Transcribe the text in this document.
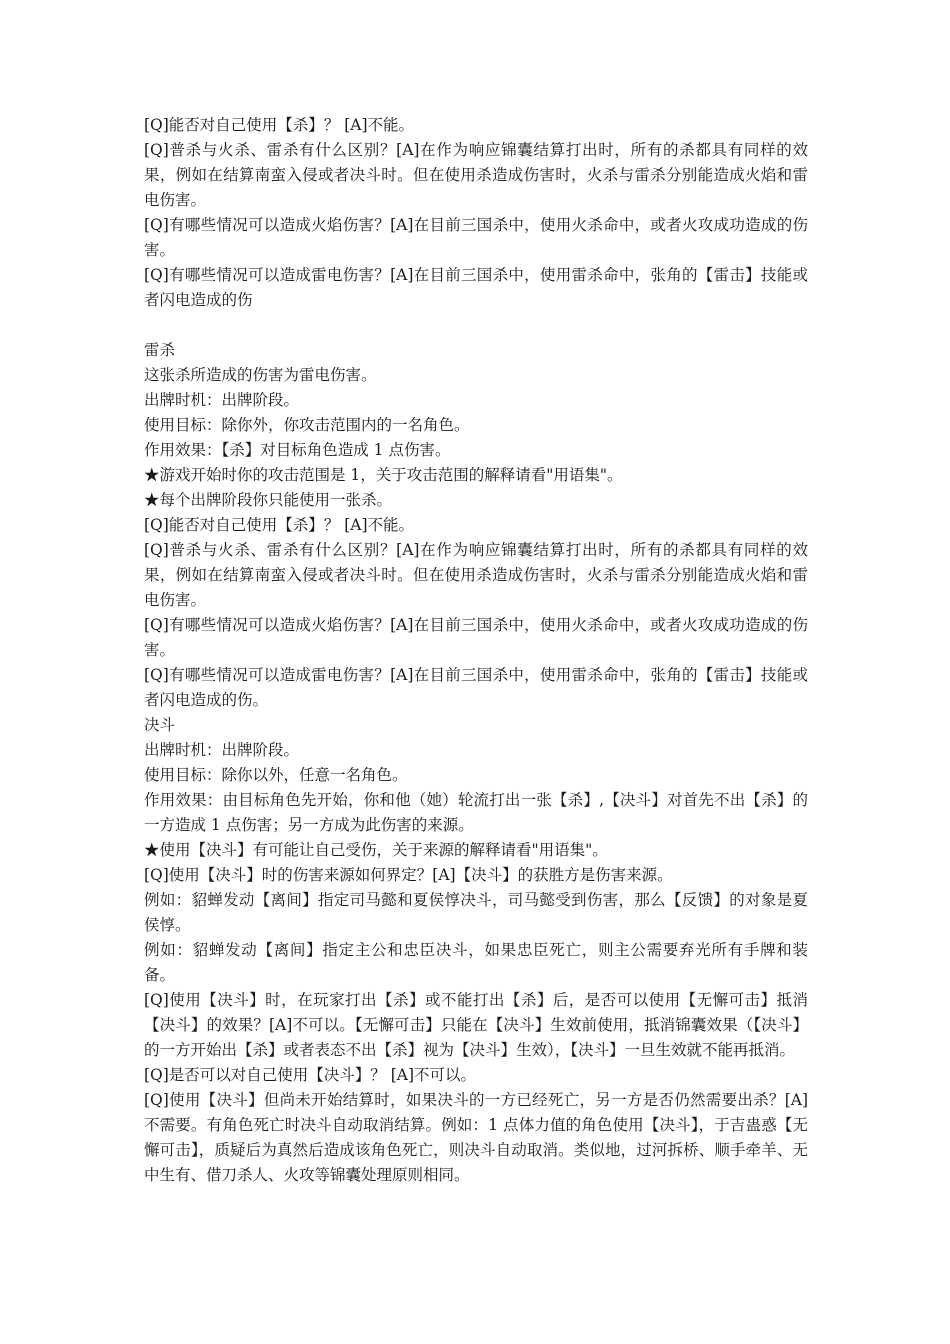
[Q]能否对自己使用【杀】？ [A]不能。

[Q]普杀与火杀、雷杀有什么区别？[A]在作为响应锦囊结算打出时，所有的杀都具有同样的效果，例如在结算南蛮入侵或者决斗时。但在使用杀造成伤害时，火杀与雷杀分别能造成火焰和雷电伤害。

[Q]有哪些情况可以造成火焰伤害？[A]在目前三国杀中，使用火杀命中，或者火攻成功造成的伤害。

[Q]有哪些情况可以造成雷电伤害？[A]在目前三国杀中，使用雷杀命中，张角的【雷击】技能或者闪电造成的伤

雷杀

这张杀所造成的伤害为雷电伤害。

出牌时机：出牌阶段。

使用目标：除你外，你攻击范围内的一名角色。

作用效果：【杀】对目标角色造成 1 点伤害。

★游戏开始时你的攻击范围是 1，关于攻击范围的解释请看"用语集"。

★每个出牌阶段你只能使用一张杀。

[Q]能否对自己使用【杀】？ [A]不能。

[Q]普杀与火杀、雷杀有什么区别？[A]在作为响应锦囊结算打出时，所有的杀都具有同样的效果，例如在结算南蛮入侵或者决斗时。但在使用杀造成伤害时，火杀与雷杀分别能造成火焰和雷电伤害。

[Q]有哪些情况可以造成火焰伤害？[A]在目前三国杀中，使用火杀命中，或者火攻成功造成的伤害。

[Q]有哪些情况可以造成雷电伤害？[A]在目前三国杀中，使用雷杀命中，张角的【雷击】技能或者闪电造成的伤。

决斗

出牌时机：出牌阶段。

使用目标：除你以外，任意一名角色。

作用效果：由目标角色先开始，你和他（她）轮流打出一张【杀】,【决斗】对首先不出【杀】的一方造成 1 点伤害；另一方成为此伤害的来源。

★使用【决斗】有可能让自己受伤，关于来源的解释请看"用语集"。

[Q]使用【决斗】时的伤害来源如何界定？[A]【决斗】的获胜方是伤害来源。

例如：貂蝉发动【离间】指定司马懿和夏侯惇决斗，司马懿受到伤害，那么【反馈】的对象是夏侯惇。

例如：貂蝉发动【离间】指定主公和忠臣决斗，如果忠臣死亡，则主公需要弃光所有手牌和装备。

[Q]使用【决斗】时，在玩家打出【杀】或不能打出【杀】后，是否可以使用【无懈可击】抵消【决斗】的效果？[A]不可以。【无懈可击】只能在【决斗】生效前使用，抵消锦囊效果（【决斗】的一方开始出【杀】或者表态不出【杀】视为【决斗】生效），【决斗】一旦生效就不能再抵消。

[Q]是否可以对自己使用【决斗】？ [A]不可以。

[Q]使用【决斗】但尚未开始结算时，如果决斗的一方已经死亡，另一方是否仍然需要出杀？[A]不需要。有角色死亡时决斗自动取消结算。例如：1 点体力值的角色使用【决斗】，于吉蛊惑【无懈可击】，质疑后为真然后造成该角色死亡，则决斗自动取消。类似地，过河拆桥、顺手牵羊、无中生有、借刀杀人、火攻等锦囊处理原则相同。
